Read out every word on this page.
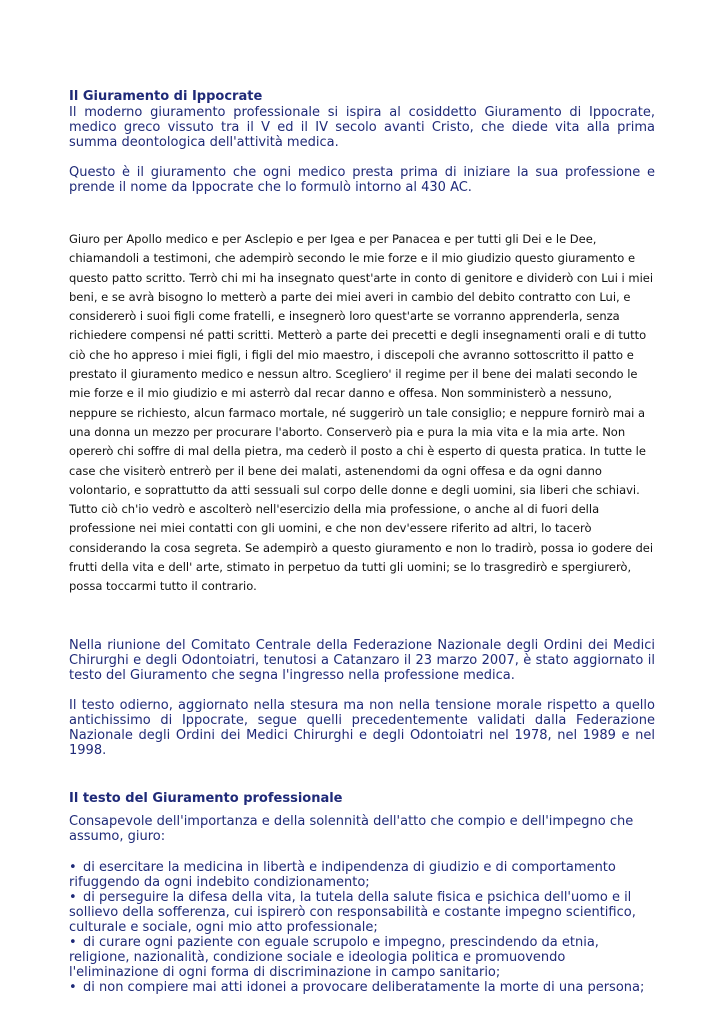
Il Giuramento di Ippocrate

Il moderno giuramento professionale si ispira al cosiddetto Giuramento di Ippocrate, medico greco vissuto tra il V ed il IV secolo avanti Cristo, che diede vita alla prima summa deontologica dell'attività medica.

Questo è il giuramento che ogni medico presta prima di iniziare la sua professione e prende il nome da Ippocrate che lo formulò intorno al 430 AC.

Giuro per Apollo medico e per Asclepio e per Igea e per Panacea e per tutti gli Dei e le Dee, chiamandoli a testimoni, che adempirò secondo le mie forze e il mio giudizio questo giuramento e questo patto scritto. Terrò chi mi ha insegnato quest'arte in conto di genitore e dividerò con Lui i miei beni, e se avrà bisogno lo metterò a parte dei miei averi in cambio del debito contratto con Lui, e considererò i suoi figli come fratelli, e insegnerò loro quest'arte se vorranno apprenderla, senza richiedere compensi né patti scritti. Metterò a parte dei precetti e degli insegnamenti orali e di tutto ciò che ho appreso i miei figli, i figli del mio maestro, i discepoli che avranno sottoscritto il patto e prestato il giuramento medico e nessun altro. Scegliero' il regime per il bene dei malati secondo le mie forze e il mio giudizio e mi asterrò dal recar danno e offesa. Non somministerò a nessuno, neppure se richiesto, alcun farmaco mortale, né suggerirò un tale consiglio; e neppure fornirò mai a una donna un mezzo per procurare l'aborto. Conserverò pia e pura la mia vita e la mia arte. Non opererò chi soffre di mal della pietra, ma cederò il posto a chi è esperto di questa pratica. In tutte le case che visiterò entrerò per il bene dei malati, astenendomi da ogni offesa e da ogni danno volontario, e soprattutto da atti sessuali sul corpo delle donne e degli uomini, sia liberi che schiavi. Tutto ciò ch'io vedrò e ascolterò nell'esercizio della mia professione, o anche al di fuori della professione nei miei contatti con gli uomini, e che non dev'essere riferito ad altri, lo tacerò considerando la cosa segreta. Se adempirò a questo giuramento e non lo tradirò, possa io godere dei frutti della vita e dell' arte, stimato in perpetuo da tutti gli uomini; se lo trasgredirò e spergiurerò, possa toccarmi tutto il contrario.

Nella riunione del Comitato Centrale della Federazione Nazionale degli Ordini dei Medici Chirurghi e degli Odontoiatri, tenutosi a Catanzaro il 23 marzo 2007, è stato aggiornato il testo del Giuramento che segna l'ingresso nella professione medica.

Il testo odierno, aggiornato nella stesura ma non nella tensione morale rispetto a quello antichissimo di Ippocrate, segue quelli precedentemente validati dalla Federazione Nazionale degli Ordini dei Medici Chirurghi e degli Odontoiatri nel 1978, nel 1989 e nel 1998.

Il testo del Giuramento professionale

Consapevole dell'importanza e della solennità dell'atto che compio e dell'impegno che assumo, giuro:

• di esercitare la medicina in libertà e indipendenza di giudizio e di comportamento rifuggendo da ogni indebito condizionamento;
• di perseguire la difesa della vita, la tutela della salute fisica e psichica dell'uomo e il sollievo della sofferenza, cui ispirerò con responsabilità e costante impegno scientifico, culturale e sociale, ogni mio atto professionale;
• di curare ogni paziente con eguale scrupolo e impegno, prescindendo da etnia, religione, nazionalità, condizione sociale e ideologia politica e promuovendo l'eliminazione di ogni forma di discriminazione in campo sanitario;
• di non compiere mai atti idonei a provocare deliberatamente la morte di una persona;
